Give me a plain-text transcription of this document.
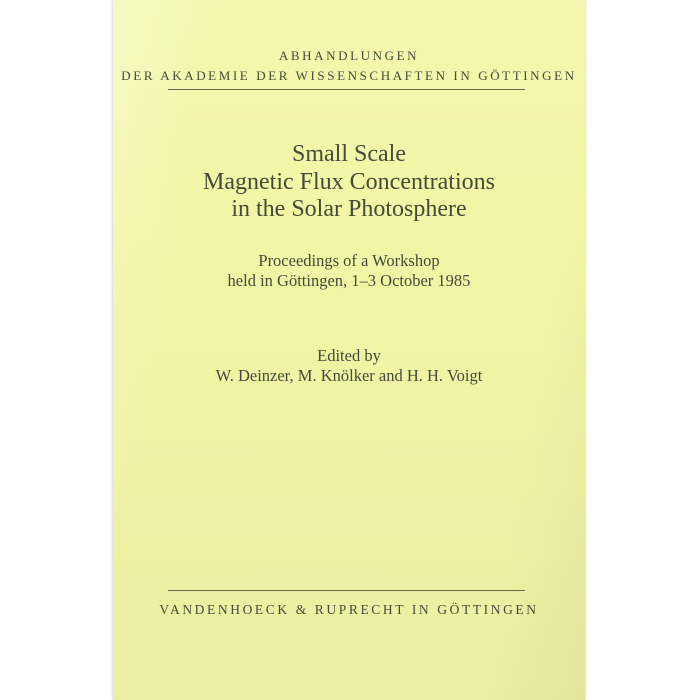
ABHANDLUNGEN
DER AKADEMIE DER WISSENSCHAFTEN IN GÖTTINGEN
Small Scale
Magnetic Flux Concentrations
in the Solar Photosphere
Proceedings of a Workshop
held in Göttingen, 1–3 October 1985
Edited by
W. Deinzer, M. Knölker and H. H. Voigt
VANDENHOECK & RUPRECHT IN GÖTTINGEN
